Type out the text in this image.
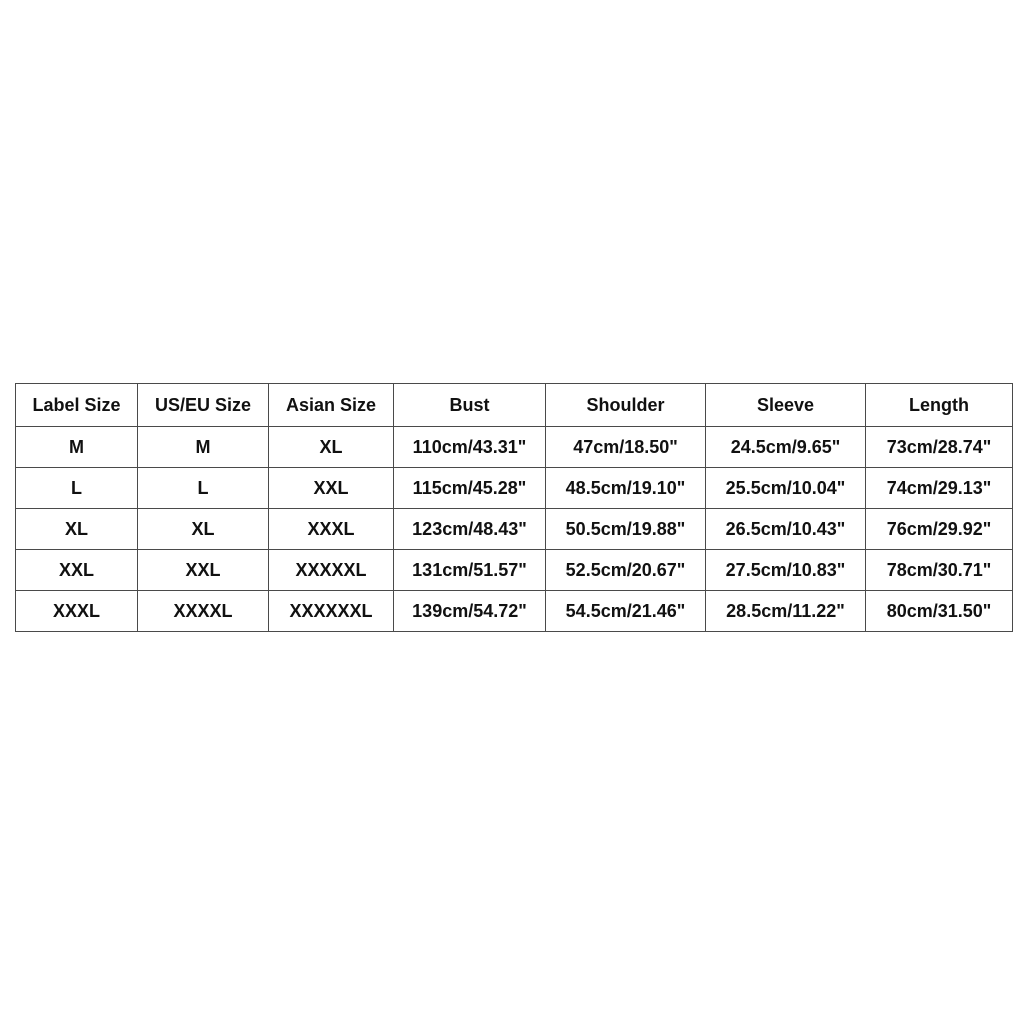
Label Size	US/EU Size	Asian Size	Bust	Shoulder	Sleeve	Length
M	M	XL	110cm/43.31"	47cm/18.50"	24.5cm/9.65"	73cm/28.74"
L	L	XXL	115cm/45.28"	48.5cm/19.10"	25.5cm/10.04"	74cm/29.13"
XL	XL	XXXL	123cm/48.43"	50.5cm/19.88"	26.5cm/10.43"	76cm/29.92"
XXL	XXL	XXXXXL	131cm/51.57"	52.5cm/20.67"	27.5cm/10.83"	78cm/30.71"
XXXL	XXXXL	XXXXXXL	139cm/54.72"	54.5cm/21.46"	28.5cm/11.22"	80cm/31.50"
